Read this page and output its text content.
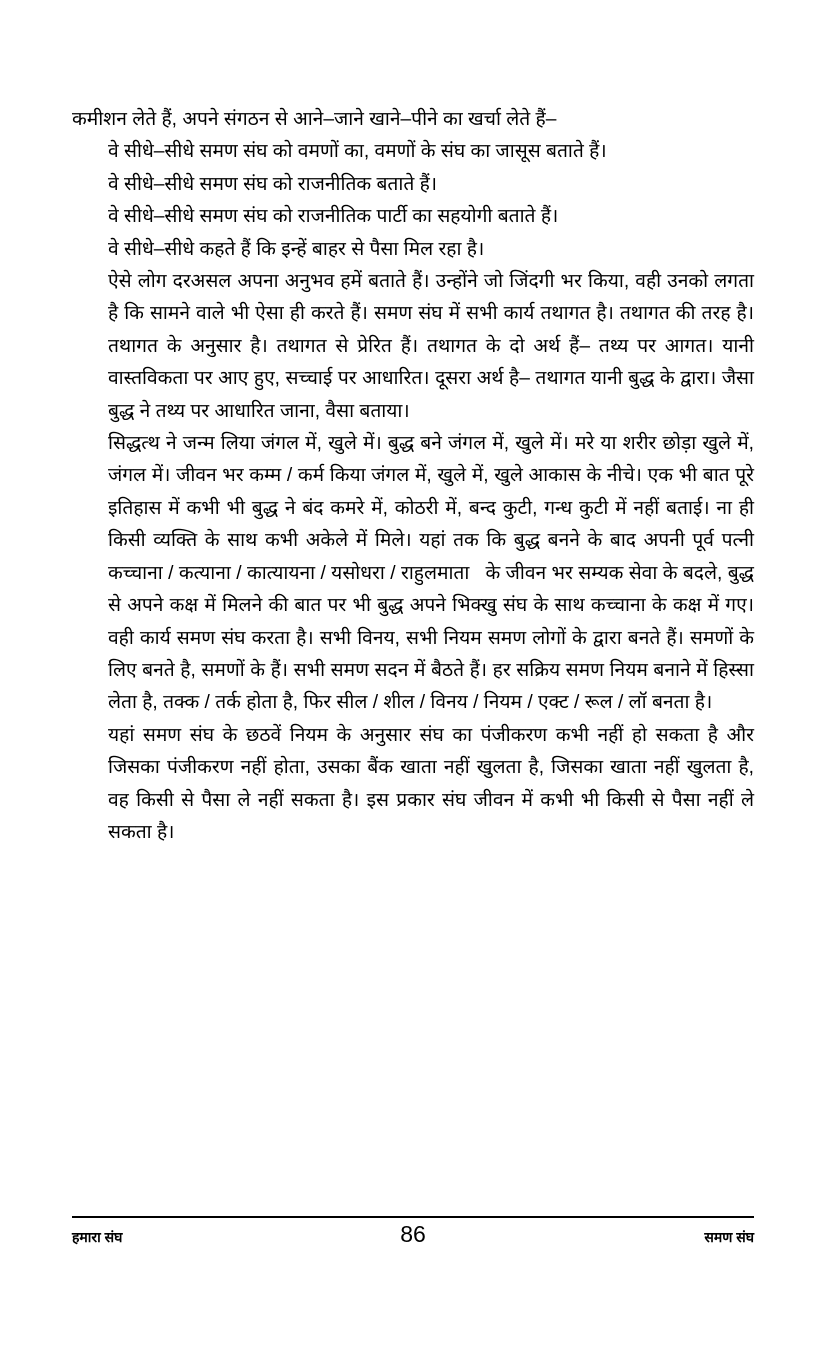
कमीशन लेते हैं, अपने संगठन से आने–जाने खाने–पीने का खर्चा लेते हैं–

वे सीधे–सीधे समण संघ को वमणों का, वमणों के संघ का जासूस बताते हैं।

वे सीधे–सीधे समण संघ को राजनीतिक बताते हैं।

वे सीधे–सीधे समण संघ को राजनीतिक पार्टी का सहयोगी बताते हैं।

वे सीधे–सीधे कहते हैं कि इन्हें बाहर से पैसा मिल रहा है।

ऐसे लोग दरअसल अपना अनुभव हमें बताते हैं। उन्होंने जो जिंदगी भर किया, वही उनको लगता है कि सामने वाले भी ऐसा ही करते हैं। समण संघ में सभी कार्य तथागत है। तथागत की तरह है। तथागत के अनुसार है। तथागत से प्रेरित हैं। तथागत के दो अर्थ हैं– तथ्य पर आगत। यानी वास्तविकता पर आए हुए, सच्चाई पर आधारित। दूसरा अर्थ है– तथागत यानी बुद्ध के द्वारा। जैसा बुद्ध ने तथ्य पर आधारित जाना, वैसा बताया।

सिद्धत्थ ने जन्म लिया जंगल में, खुले में। बुद्ध बने जंगल में, खुले में। मरे या शरीर छोड़ा खुले में, जंगल में। जीवन भर कम्म / कर्म किया जंगल में, खुले में, खुले आकास के नीचे। एक भी बात पूरे इतिहास में कभी भी बुद्ध ने बंद कमरे में, कोठरी में, बन्द कुटी, गन्ध कुटी में नहीं बताई। ना ही किसी व्यक्ति के साथ कभी अकेले में मिले। यहां तक कि बुद्ध बनने के बाद अपनी पूर्व पत्नी कच्चाना / कत्याना / कात्यायना / यसोधरा / राहुलमाता   के जीवन भर सम्यक सेवा के बदले, बुद्ध से अपने कक्ष में मिलने की बात पर भी बुद्ध अपने भिक्खु संघ के साथ कच्चाना के कक्ष में गए। वही कार्य समण संघ करता है। सभी विनय, सभी नियम समण लोगों के द्वारा बनते हैं। समणों के लिए बनते है, समणों के हैं। सभी समण सदन में बैठते हैं। हर सक्रिय समण नियम बनाने में हिस्सा लेता है, तक्क / तर्क होता है, फिर सील / शील / विनय / नियम / एक्ट / रूल / लॉ बनता है।

यहां समण संघ के छठवें नियम के अनुसार संघ का पंजीकरण कभी नहीं हो सकता है और जिसका पंजीकरण नहीं होता, उसका बैंक खाता नहीं खुलता है, जिसका खाता नहीं खुलता है, वह किसी से पैसा ले नहीं सकता है। इस प्रकार संघ जीवन में कभी भी किसी से पैसा नहीं ले सकता है।

हमारा संघ	86	समण संघ
